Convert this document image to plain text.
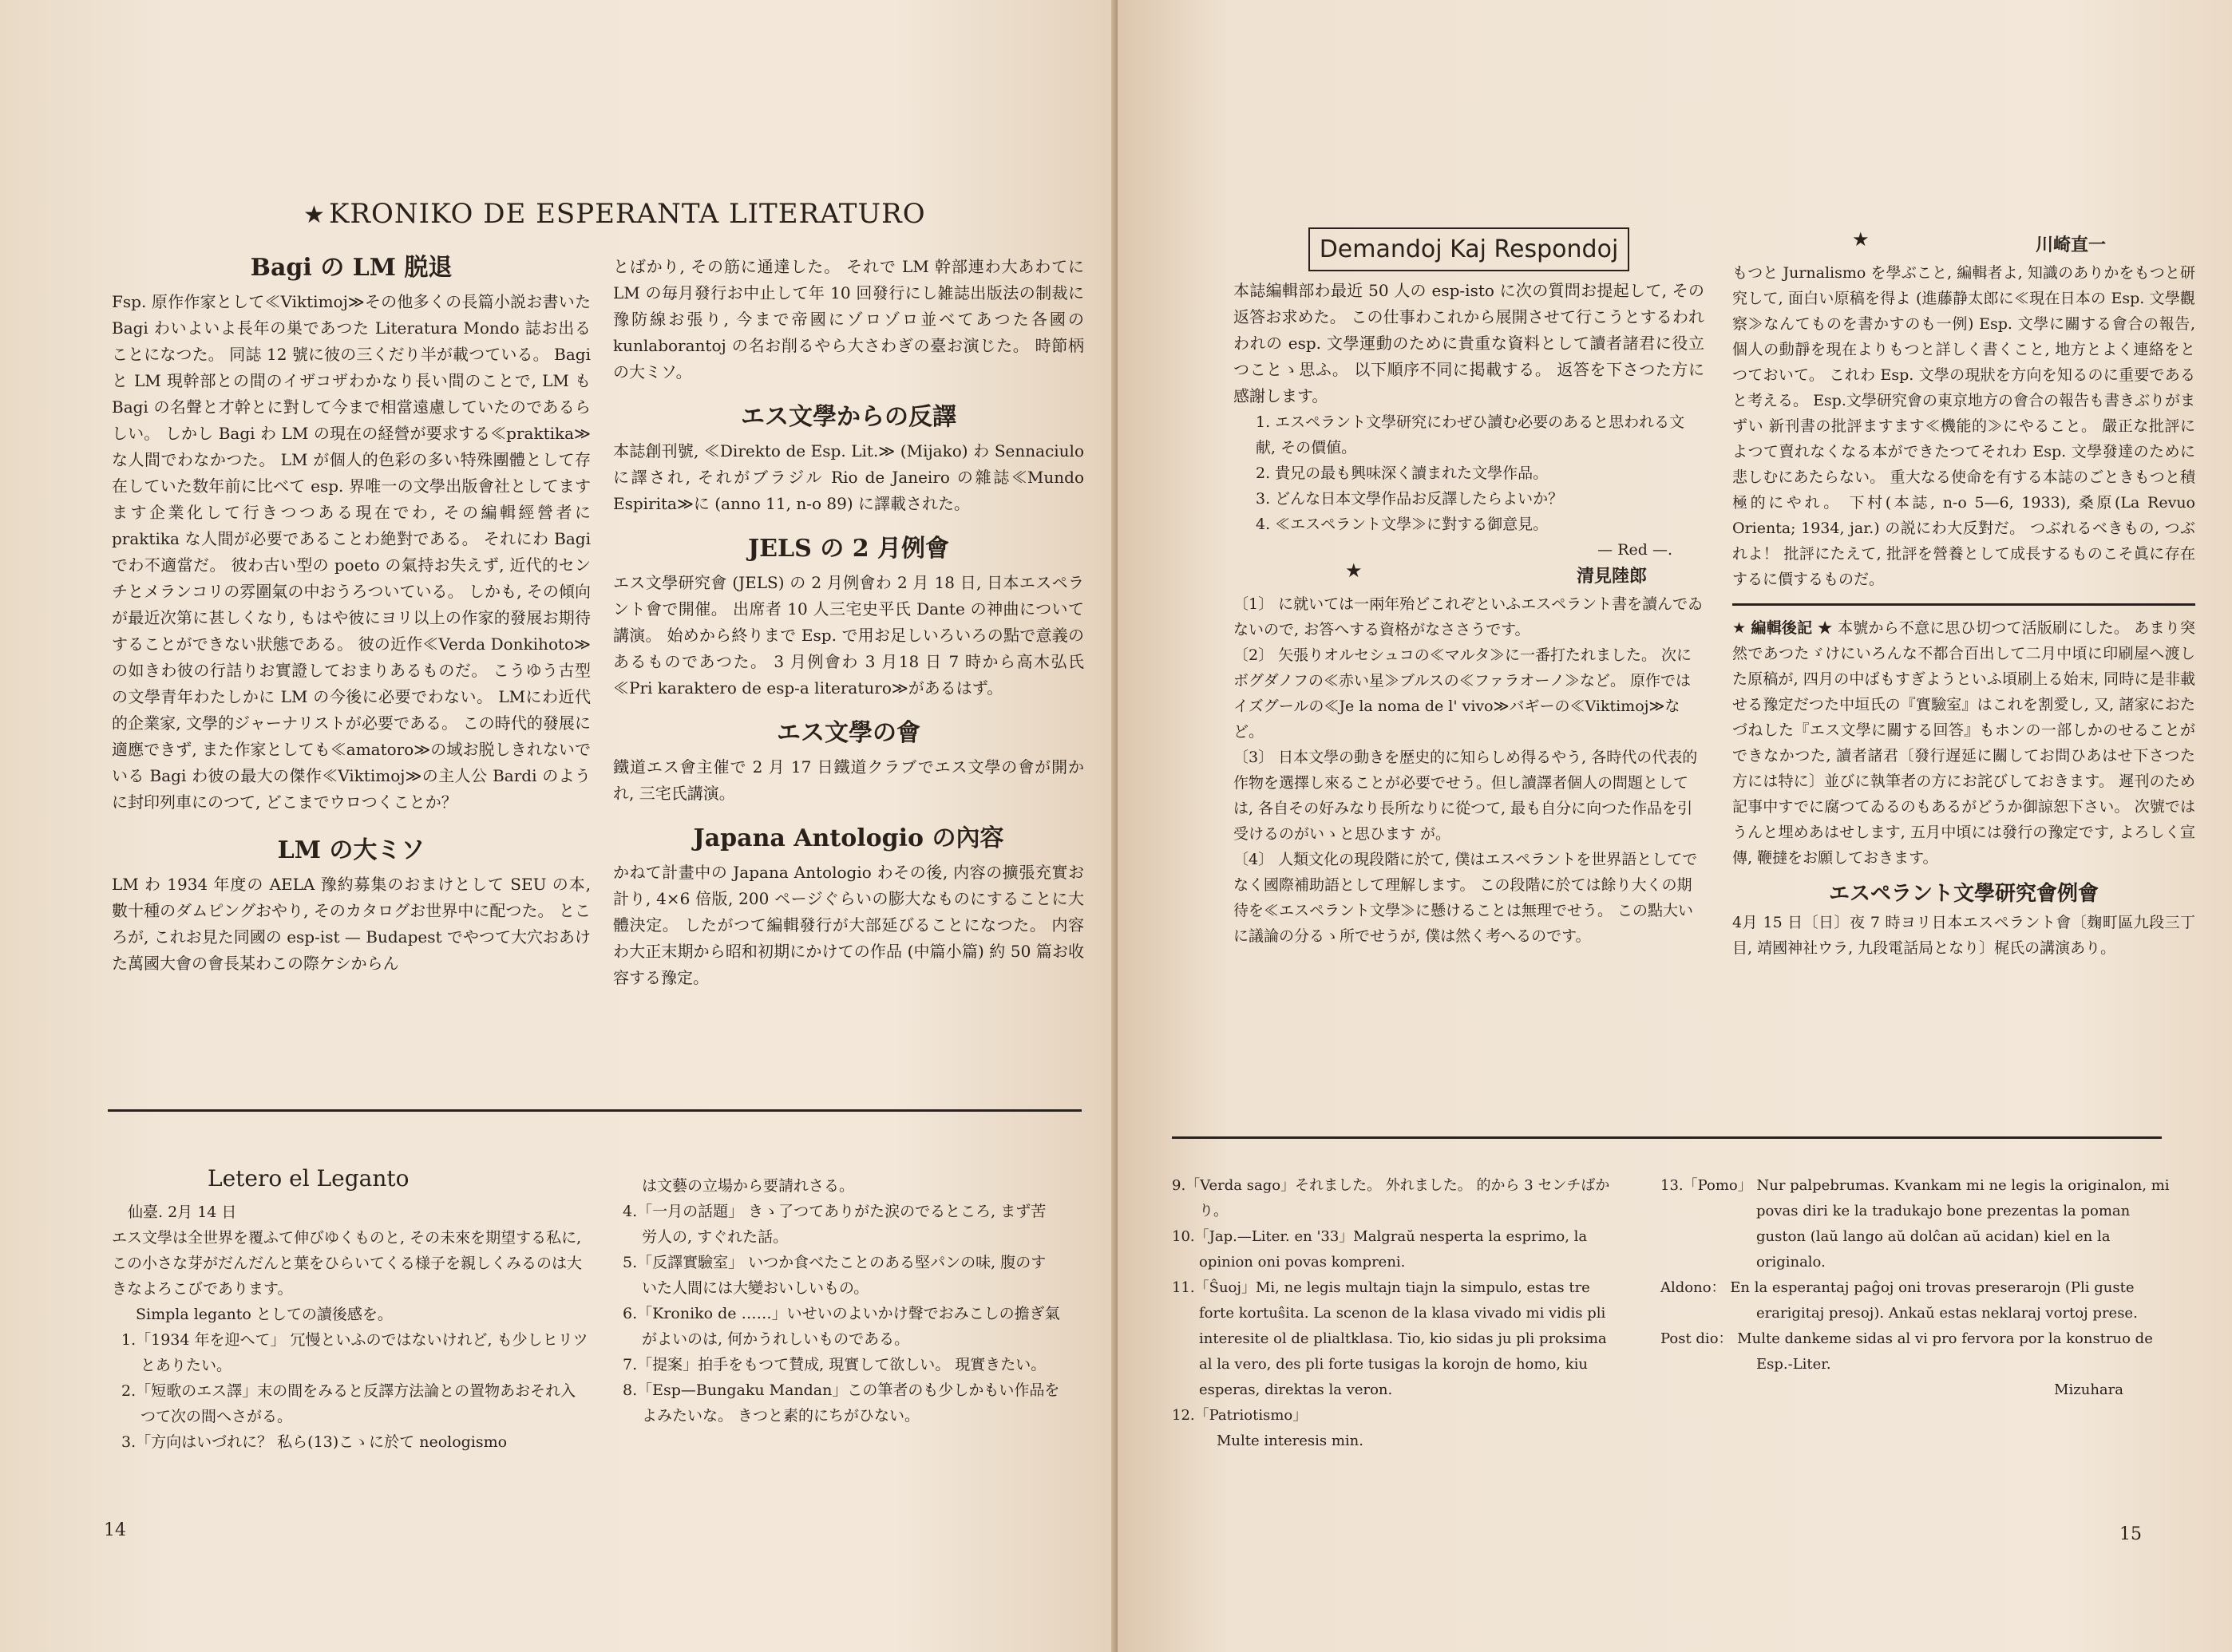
★ KRONIKO DE ESPERANTA LITERATURO

Bagi の LM 脱退

Fsp. 原作作家として≪Viktimoj≫その他多くの長篇小説お書いた Bagi わいよいよ長年の巣であつた Literatura Mondo 誌お出ることになつた。 同誌 12 號に彼の三くだり半が載つている。 Bagi と LM 現幹部との間のイザコザわかなり長い間のことで, LM も Bagi の名聲と才幹とに對して今まで相當遠慮していたのであるらしい。 しかし Bagi わ LM の現在の経營が要求する≪praktika≫な人間でわなかつた。 LM が個人的色彩の多い特殊團體として存在していた数年前に比べて esp. 界唯一の文學出版會社としてますます企業化して行きつつある現在でわ, その編輯經營者に praktika な人間が必要であることわ絶對である。 それにわ Bagi でわ不適當だ。 彼わ古い型の poeto の氣持お失えず, 近代的センチとメランコリの雰圍氣の中おうろついている。 しかも, その傾向が最近次第に甚しくなり, もはや彼にヨリ以上の作家的發展お期待することができない狀態である。 彼の近作≪Verda Donkihoto≫の如きわ彼の行詰りお實證しておまりあるものだ。 こうゆう古型の文學青年わたしかに LM の今後に必要でわない。 LMにわ近代的企業家, 文學的ジャーナリストが必要である。 この時代的發展に適應できず, また作家としても≪amatoro≫の域お脱しきれないでいる Bagi わ彼の最大の傑作≪Viktimoj≫の主人公 Bardi のように封印列車にのつて, どこまでウロつくことか？

LM の大ミソ

LM わ 1934 年度の AELA 豫約募集のおまけとして SEU の本, 數十種のダムピングおやり, そのカタログお世界中に配つた。 ところが, これお見た同國の esp-ist — Budapest でやつて大穴おあけた萬國大會の會長某わこの際ケシからん

とばかり, その筋に通達した。 それで LM 幹部連わ大あわてに LM の毎月發行お中止して年 10 回發行にし雑誌出版法の制裁に豫防線お張り, 今まで帝國にゾロゾロ並べてあつた各國の kunlaborantoj の名お削るやら大さわぎの臺お演じた。 時節柄の大ミソ。

エス文學からの反譯

本誌創刊號, ≪Direkto de Esp. Lit.≫ (Mijako) わ Sennaciulo に譯され, それがブラジル Rio de Janeiro の雜誌≪Mundo Espirita≫に (anno 11, n-o 89) に譯載された。

JELS の 2 月例會

エス文學研究會 (JELS) の 2 月例會わ 2 月 18 日, 日本エスペラント會で開催。 出席者 10 人三宅史平氏 Dante の神曲について講演。 始めから終りまで Esp. で用お足しいろいろの點で意義のあるものであつた。 3 月例會わ 3 月18 日 7 時から高木弘氏 ≪Pri karaktero de esp-a literaturo≫があるはず。

エス文學の會

鐵道エス會主催で 2 月 17 日鐵道クラブでエス文學の會が開かれ, 三宅氏講演。

Japana Antologio の內容

かねて計畫中の Japana Antologio わその後, 内容の擴張充實お計り, 4×6 倍版, 200 ページぐらいの膨大なものにすることに大體決定。 したがつて編輯發行が大部延びることになつた。 内容わ大正末期から昭和初期にかけての作品 (中篇小篇) 約 50 篇お收容する豫定。

Letero el Leganto

仙臺. 2月 14 日

エス文學は全世界を覆ふて伸びゆくものと, その未來を期望する私に, この小さな芽がだんだんと葉をひらいてくる様子を親しくみるのは大きなよろこびであります。

Simpla leganto としての讀後感を。

1.「1934 年を迎へて」 冗慢といふのではないけれど, も少しヒリツとありたい。

2.「短歌のエス譯」末の間をみると反譯方法論との置物あおそれ入つて次の間へさがる。

3.「方向はいづれに？ 私ら(13)こゝに於て neologismo

は文藝の立場から要請れさる。

4.「一月の話題」 きゝ了つてありがた涙のでるところ, まず苦労人の, すぐれた話。

5.「反譯實驗室」 いつか食べたことのある堅パンの味, 腹のすいた人間には大變おいしいもの。

6.「Kroniko de ……」いせいのよいかけ聲でおみこしの擔ぎ氣がよいのは, 何かうれしいものである。

7.「提案」拍手をもつて賛成, 現實して欲しい。 現實きたい。

8.「Esp—Bungaku Mandan」この筆者のも少しかもい作品をよみたいな。 きつと素的にちがひない。

14
Demandoj Kaj Respondoj

本誌編輯部わ最近 50 人の esp-isto に次の質問お提起して, その返答お求めた。 この仕事わこれから展開させて行こうとするわれわれの esp. 文學運動のために貴重な資料として讀者諸君に役立つことゝ思ふ。 以下順序不同に掲載する。 返答を下さつた方に感謝します。

1. エスペラント文學研究にわぜひ讀む必要のあると思われる文献, その價値。

2. 貴兄の最も興味深く讀まれた文學作品。

3. どんな日本文學作品お反譯したらよいか？

4. ≪エスペラント文學≫に對する御意見。

— Red —.

★	清見陸郎

〔1〕 に就いては一兩年殆どこれぞといふエスペラント書を讀んでゐないので, お答へする資格がなささうです。

〔2〕 矢張りオルセシュコの≪マルタ≫に一番打たれました。 次にボグダノフの≪赤い星≫ブルスの≪ファラオーノ≫など。 原作ではイズグールの≪Je la noma de l' vivo≫バギーの≪Viktimoj≫など。

〔3〕 日本文學の動きを歴史的に知らしめ得るやう, 各時代の代表的作物を選擇し來ることが必要でせう。但し讀譯者個人の問題としては, 各自その好みなり長所なりに從つて, 最も自分に向つた作品を引受けるのがいゝと思ひます が。

〔4〕 人類文化の現段階に於て, 僕はエスペラントを世界語としてでなく國際補助語として理解します。 この段階に於ては餘り大くの期待を≪エスペラント文學≫に懸けることは無理でせう。 この點大いに議論の分るゝ所でせうが, 僕は然く考へるのです。

★	川崎直一

もつと Jurnalismo を學ぶこと, 編輯者よ, 知識のありかをもつと研究して, 面白い原稿を得よ (進藤静太郎に≪現在日本の Esp. 文學觀察≫なんてものを書かすのも一例) Esp. 文學に關する會合の報告, 個人の動靜を現在よりもつと詳しく書くこと, 地方とよく連絡をとつておいて。 これわ Esp. 文學の現狀を方向を知るのに重要であると考える。 Esp.文學研究會の東京地方の會合の報告も書きぶりがまずい 新刊書の批評ますます≪機能的≫にやること。 嚴正な批評によつて賣れなくなる本ができたつてそれわ Esp. 文學發達のために悲しむにあたらない。 重大なる使命を有する本誌のごときもつと積極的にやれ。 下村(本誌, n-o 5—6, 1933), 桑原(La Revuo Orienta; 1934, jar.) の説にわ大反對だ。 つぶれるべきもの, つぶれよ！ 批評にたえて, 批評を營養として成長するものこそ眞に存在するに價するものだ。

★ 編輯後記 ★ 本號から不意に思ひ切つて活版刷にした。 あまり突然であつたゞけにいろんな不都合百出して二月中頃に印刷屋へ渡した原稿が, 四月の中ばもすぎようといふ頃刷上る始末, 同時に是非載せる豫定だつた中垣氏の『實驗室』はこれを割愛し, 又, 諸家におたづねした『エス文學に關する回答』もホンの一部しかのせることができなかつた, 讀者諸君〔發行遅延に關してお問ひあはせ下さつた方には特に〕並びに執筆者の方にお詫びしておきます。 遲刊のため記事中すでに腐つてゐるのもあるがどうか御諒恕下さい。 次號ではうんと埋めあはせします, 五月中頃には發行の豫定です, よろしく宣傳, 鞭撻をお願しておきます。

エスペラント文學研究會例會

4月 15 日〔日〕夜 7 時ヨリ日本エスペラント會〔麹町區九段三丁目, 靖國神社ウラ, 九段電話局となり〕梶氏の講演あり。

9.「Verda sago」それました。 外れました。 的から 3 センチばかり。

10.「Jap.—Liter. en '33」Malgraŭ nesperta la esprimo, la opinion oni povas kompreni.

11.「Ŝuoj」Mi, ne legis multajn tiajn la simpulo, estas tre forte kortuŝita. La scenon de la klasa vivado mi vidis pli interesite ol de plialtklasa. Tio, kio sidas ju pli proksima al la vero, des pli forte tusigas la korojn de homo, kiu esperas, direktas la veron.

12.「Patriotismo」

Multe interesis min.

13.「Pomo」 Nur palpebrumas. Kvankam mi ne legis la originalon, mi povas diri ke la tradukajo bone prezentas la poman guston (laŭ lango aŭ dolĉan aŭ acidan) kiel en la originalo.

Aldono： En la esperantaj paĝoj oni trovas preserarojn (Pli guste erarigitaj presoj). Ankaŭ estas neklaraj vortoj prese.

Post dio： Multe dankeme sidas al vi pro fervora por la konstruo de Esp.-Liter.

Mizuhara

15
